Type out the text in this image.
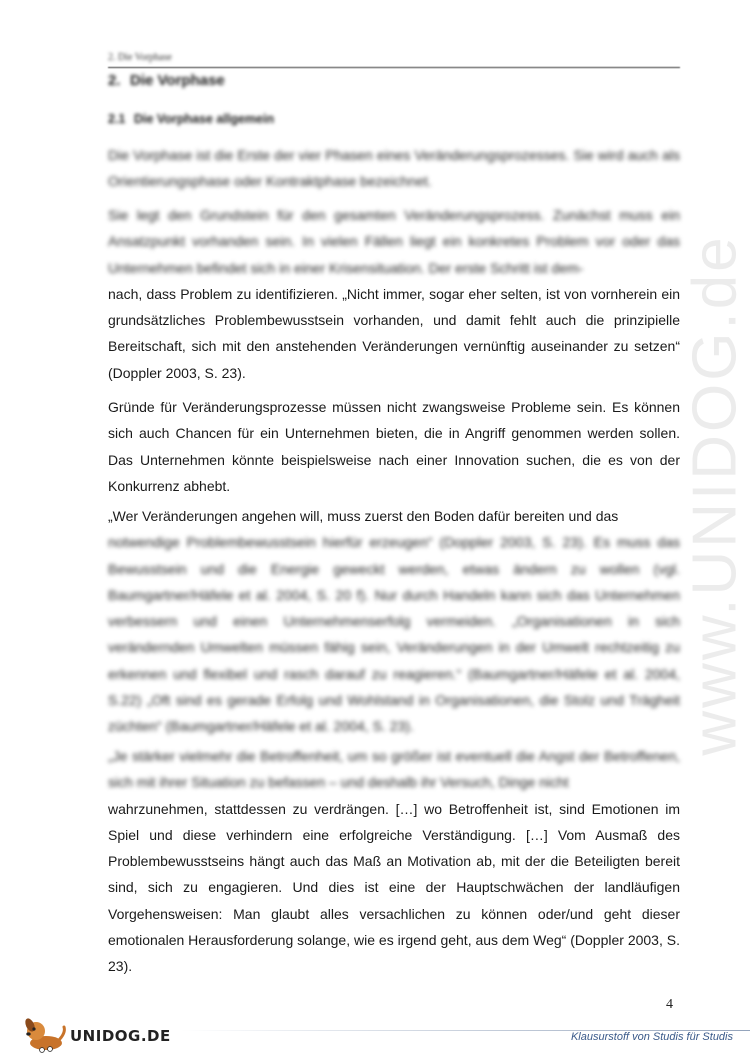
2. Die Vorphase
2. Die Vorphase
2.1 Die Vorphase allgemein

Die Vorphase ist die Erste der vier Phasen eines Veränderungsprozesses. Sie wird auch als Orientierungsphase oder Kontraktphase bezeichnet.

Sie legt den Grundstein für den gesamten Veränderungsprozess. Zunächst muss ein Ansatzpunkt vorhanden sein. In vielen Fällen liegt ein konkretes Problem vor oder das Unternehmen befindet sich in einer Krisensituation. Der erste Schritt ist dem-

nach, dass Problem zu identifizieren. „Nicht immer, sogar eher selten, ist von vornherein ein grundsätzliches Problembewusstsein vorhanden, und damit fehlt auch die prinzipielle Bereitschaft, sich mit den anstehenden Veränderungen vernünftig auseinander zu setzen“ (Doppler 2003, S. 23).

Gründe für Veränderungsprozesse müssen nicht zwangsweise Probleme sein. Es können sich auch Chancen für ein Unternehmen bieten, die in Angriff genommen werden sollen. Das Unternehmen könnte beispielsweise nach einer Innovation suchen, die es von der Konkurrenz abhebt.

„Wer Veränderungen angehen will, muss zuerst den Boden dafür bereiten und das

notwendige Problembewusstsein hierfür erzeugen“ (Doppler 2003, S. 23). Es muss das Bewusstsein und die Energie geweckt werden, etwas ändern zu wollen (vgl. Baumgartner/Häfele et al. 2004, S. 20 f). Nur durch Handeln kann sich das Unternehmen verbessern und einen Unternehmenserfolg vermeiden. „Organisationen in sich verändernden Umwelten müssen fähig sein, Veränderungen in der Umwelt rechtzeitig zu erkennen und flexibel und rasch darauf zu reagieren.“ (Baumgartner/Häfele et al. 2004, S.22) „Oft sind es gerade Erfolg und Wohlstand in Organisationen, die Stolz und Trägheit züchten“ (Baumgartner/Häfele et al. 2004, S. 23).

„Je stärker vielmehr die Betroffenheit, um so größer ist eventuell die Angst der Betroffenen, sich mit ihrer Situation zu befassen – und deshalb ihr Versuch, Dinge nicht

wahrzunehmen, stattdessen zu verdrängen. […] wo Betroffenheit ist, sind Emotionen im Spiel und diese verhindern eine erfolgreiche Verständigung. […] Vom Ausmaß des Problembewusstseins hängt auch das Maß an Motivation ab, mit der die Beteiligten bereit sind, sich zu engagieren. Und dies ist eine der Hauptschwächen der landläufigen Vorgehensweisen: Man glaubt alles versachlichen zu können oder/und geht dieser emotionalen Herausforderung solange, wie es irgend geht, aus dem Weg“ (Doppler 2003, S. 23).

www.UNIDOG.de
4
UNIDOG.DE	Klausurstoff von Studis für Studis
